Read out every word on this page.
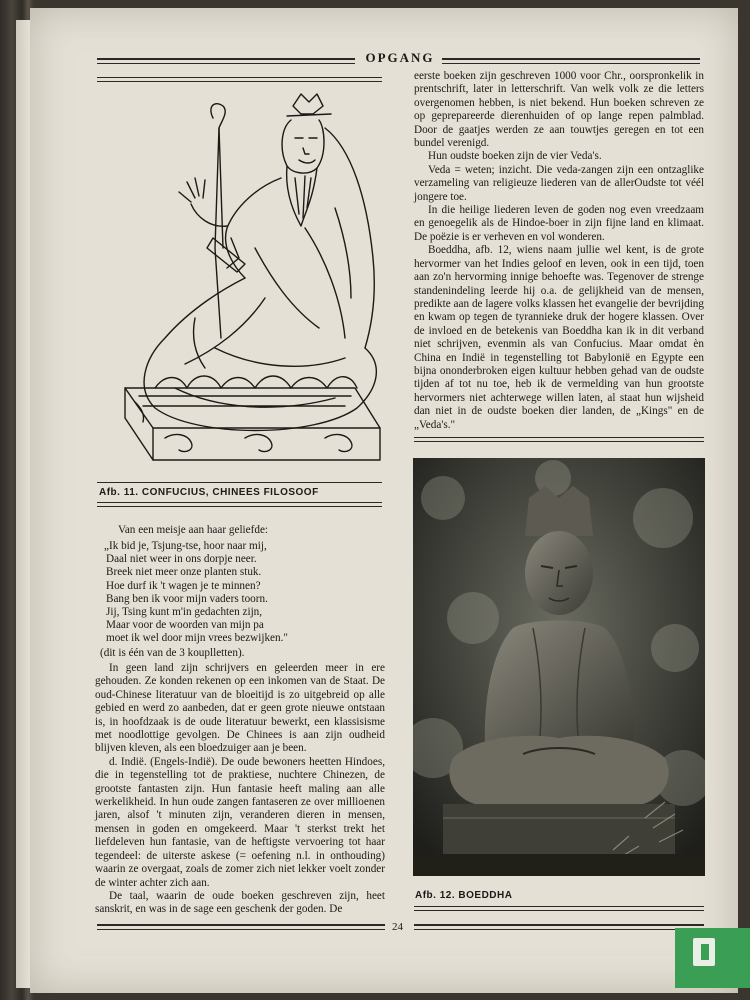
OPGANG
Afb. 11. CONFUCIUS, CHINEES FILOSOOF

eerste boeken zijn geschreven 1000 voor Chr., oorspronkelik in prentschrift, later in letterschrift. Van welk volk ze die letters overgenomen hebben, is niet bekend. Hun boeken schreven ze op geprepareerde dierenhuiden of op lange repen palmblad. Door de gaatjes werden ze aan touwtjes geregen en tot een bundel verenigd.

Hun oudste boeken zijn de vier Veda's.

Veda = weten; inzicht. Die veda-zangen zijn een ontzaglike verzameling van religieuze liederen van de allerOudste tot véél jongere toe.

In die heilige liederen leven de goden nog even vreedzaam en genoegelik als de Hindoe-boer in zijn fijne land en klimaat. De poëzie is er verheven en vol wonderen.

Boeddha, afb. 12, wiens naam jullie wel kent, is de grote hervormer van het Indies geloof en leven, ook in een tijd, toen aan zo'n hervorming innige behoefte was. Tegenover de strenge standenindeling leerde hij o.a. de gelijkheid van de mensen, predikte aan de lagere volks klassen het evangelie der bevrijding en kwam op tegen de tyrannieke druk der hogere klassen. Over de invloed en de betekenis van Boeddha kan ik in dit verband niet schrijven, evenmin als van Confucius. Maar omdat èn China en Indië in tegenstelling tot Babylonië en Egypte een bijna ononderbroken eigen kultuur hebben gehad van de oudste tijden af tot nu toe, heb ik de vermelding van hun grootste hervormers niet achterwege willen laten, al staat hun wijsheid dan niet in de oudste boeken dier landen, de „Kings" en de „Veda's."

Afb. 12. BOEDDHA

Van een meisje aan haar geliefde:

„Ik bid je, Tsjung-tse, hoor naar mij,
Daal niet weer in ons dorpje neer.
Breek niet meer onze planten stuk.
Hoe durf ik 't wagen je te minnen?
Bang ben ik voor mijn vaders toorn.
Jij, Tsing kunt m'in gedachten zijn,
Maar voor de woorden van mijn pa
moet ik wel door mijn vrees bezwijken."

(dit is één van de 3 kouplletten).

In geen land zijn schrijvers en geleerden meer in ere gehouden. Ze konden rekenen op een inkomen van de Staat. De oud-Chinese literatuur van de bloeitijd is zo uitgebreid op alle gebied en werd zo aanbeden, dat er geen grote nieuwe ontstaan is, in hoofdzaak is de oude literatuur bewerkt, een klassisisme met noodlottige gevolgen. De Chinees is aan zijn oudheid blijven kleven, als een bloedzuiger aan je been.

d. Indië. (Engels-Indië). De oude bewoners heetten Hindoes, die in tegenstelling tot de praktiese, nuchtere Chinezen, de grootste fantasten zijn. Hun fantasie heeft maling aan alle werkelikheid. In hun oude zangen fantaseren ze over millioenen jaren, alsof 't minuten zijn, veranderen dieren in mensen, mensen in goden en omgekeerd. Maar 't sterkst trekt het liefdeleven hun fantasie, van de heftigste vervoering tot haar tegendeel: de uiterste askese (= oefening n.l. in onthouding) waarin ze overgaat, zoals de zomer zich niet lekker voelt zonder de winter achter zich aan.

De taal, waarin de oude boeken geschreven zijn, heet sanskrit, en was in de sage een geschenk der goden. De

24
